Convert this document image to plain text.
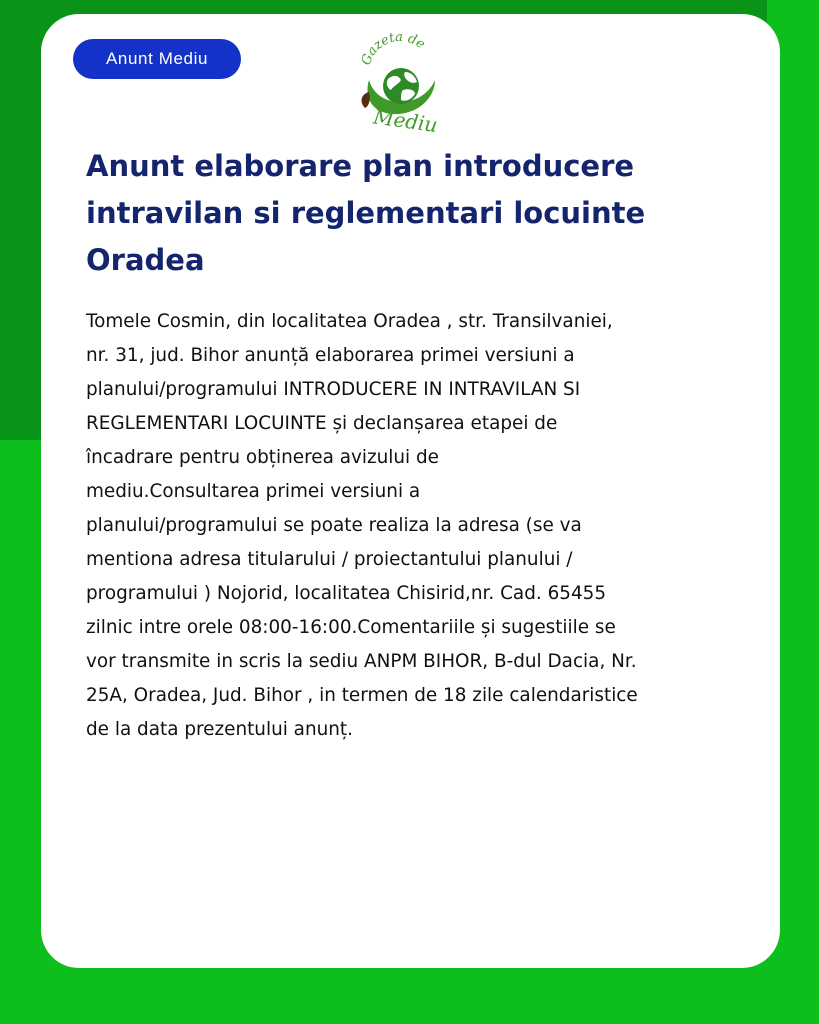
Anunt Mediu	Gazeta de
Mediu
Anunt elaborare plan introducere intravilan si reglementari locuinte Oradea

Tomele Cosmin, din localitatea Oradea , str. Transilvaniei,
nr. 31, jud. Bihor anunță elaborarea primei versiuni a
planului/programului INTRODUCERE IN INTRAVILAN SI
REGLEMENTARI LOCUINTE și declanșarea etapei de
încadrare pentru obținerea avizului de
mediu.Consultarea primei versiuni a
planului/programului se poate realiza la adresa (se va
mentiona adresa titularului / proiectantului planului /
programului ) Nojorid, localitatea Chisirid,nr. Cad. 65455
zilnic intre orele 08:00-16:00.Comentariile și sugestiile se
vor transmite in scris la sediu ANPM BIHOR, B-dul Dacia, Nr.
25A, Oradea, Jud. Bihor , in termen de 18 zile calendaristice
de la data prezentului anunț.
